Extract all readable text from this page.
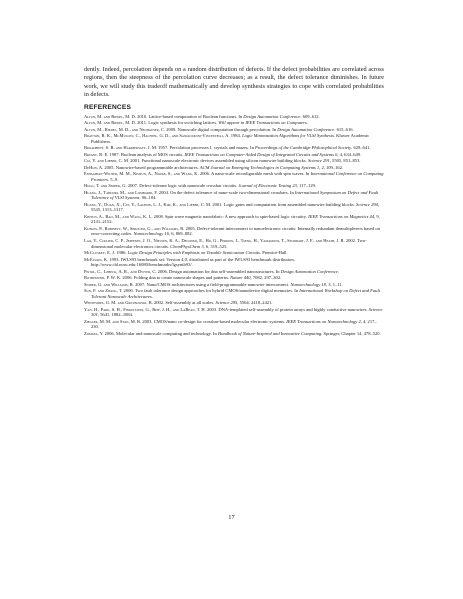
dently. Indeed, percolation depends on a random distribution of defects. If the defect probabilities are correlated across regions, then the steepness of the percolation curve decreases; as a result, the defect tolerance diminishes. In future work, we will study this tradeoff mathematically and develop synthesis strategies to cope with correlated probabilities in defects.

REFERENCES
Altun, M. and Riedel, M. D. 2010. Lattice-based computation of Boolean functions. In Design Automation Conference. 609–612.
Altun, M. and Riedel, M. D. 2011. Logic synthesis for switching lattices. Will appear in IEEE Transactions on Computers.
Altun, M., Riedel, M. D., and Neuhauser, C. 2009. Nanoscale digital computation through percolation. In Design Automation Conference. 615–616.
Brayton, R. K., McMullen, C., Hachtel, G. D., and Sangiovanni-Vincentelli, A. 1984. Logic Minimization Algorithms for VLSI Synthesis. Kluwer Academic Publishers.
Broadbent, S. R. and Hammersley, J. M. 1957. Percolation processes I. crystals and mazes. In Proceedings of the Cambridge Philosophical Society. 629–641.
Bryant, R. E. 1987. Boolean analysis of MOS circuits. IEEE Transactions on Computer-Aided Design of Integrated Circuits and Systems 6, 4, 634–649.
Cui, Y. and Lieber, C. M. 2001. Functional nanoscale electronic devices assembled using silicon nanowire building blocks. Science 291, 5505, 851–853.
DeHon, A. 2005. Nanowire-based programmable architectures. ACM Journal on Emerging Technologies in Computing Systems 1, 2, 109–162.
Eshaghian-Wilner, M. M., Khitun, A., Navab, S., and Wang, K. 2006. A nano-scale reconfigurable mesh with spin waves. In International Conference on Computing Frontiers. 5–9.
Hogg, T. and Snider, G. 2007. Defect-tolerant logic with nanoscale crossbar circuits. Journal of Electronic Testing 23, 117–129.
Huang, J., Tahoori, M., and Lombardi, F. 2004. On the defect tolerance of nano-scale two-dimensional crossbars. In International Symposium on Defect and Fault Tolerance of VLSI Systems. 96–104.
Huang, Y., Duan, X., Cui, Y., Lauhon, L. J., Kim, K., and Lieber, C. M. 2001. Logic gates and computation from assembled nanowire building blocks. Science 294, 5545, 1313–1317.
Khitun, A., Bao, M., and Wang, K. L. 2008. Spin wave magnetic nanofabric: A new approach to spin-based logic circuitry. IEEE Transactions on Magnetics 44, 9, 2141–2152.
Kuekes, P., Robinett, W., Seroussi, G., and Williams, R. 2005. Defect-tolerant interconnect to nanoelectronic circuits: Internally redundant demultiplexers based on error-correcting codes. Nanotechnology 16, 6, 869–882.
Lao, Y., Collier, C. P., Jeppesen, J. O., Nielsen, K. A., Delonno, E., Ho, G., Perkins, J., Tseng, H., Yamamoto, T., Stoddart, J. F., and Heath, J. R. 2002. Two-dimensional molecular electronics circuits. ChemPhysChem 3, 6, 519–525.
McCluskey, E. J. 1986. Logic Design Principles with Emphasis on Testable Semicustom Circuits. Prentice-Hall.
McElvain, K. 1993. IWLS93 benchmark set: Version 4.0, distributed as part of the IWLS93 benchmark distribution, http://www.cbl.ncsu.edu:16080/benchmarks/lgsynth93/.
Pistol, C., Lebeck, A. R., and Dwyer, C. 2006. Design automation for dna self-assembled nanostructures. In Design Automation Conference.
Rothemund, P. W. K. 2006. Folding dna to create nanoscale shapes and patterns. Nature 440, 7082, 297–302.
Snider, G. and Williams, R. 2007. Nano/CMOS architectures using a field-programmable nanowire interconnect. Nanotechnology 18, 3, 1–11.
Sun, F. and Zhang, T. 2006. Two fault tolerance design approaches for hybrid CMOS/nanodevice digital memories. In International Workshop on Defect and Fault Tolerant Nanoscale Architectures.
Whitesides, G. M. and Grzybowski, B. 2002. Self-assembly at all scales. Science 295, 5564, 2418–2421.
Yan, H., Park, S. H., Finkelstein, G., Reif, J. H., and LaBean, T. H. 2003. DNA-templated self-assembly of protein arrays and highly conductive nanowires. Science 301, 5641, 1882–1884.
Ziegler, M. M. and Stan, M. R. 2003. CMOS/nano co-design for crossbar-based molecular electronic systems. IEEE Transactions on Nanotechnology 2, 4, 217–230.
Zomaya, Y. 2006. Molecular and nanoscale computing and technology. In Handbook of Nature-Inspired and Innovative Computing. Springer, Chapter 14, 478–520.
17
